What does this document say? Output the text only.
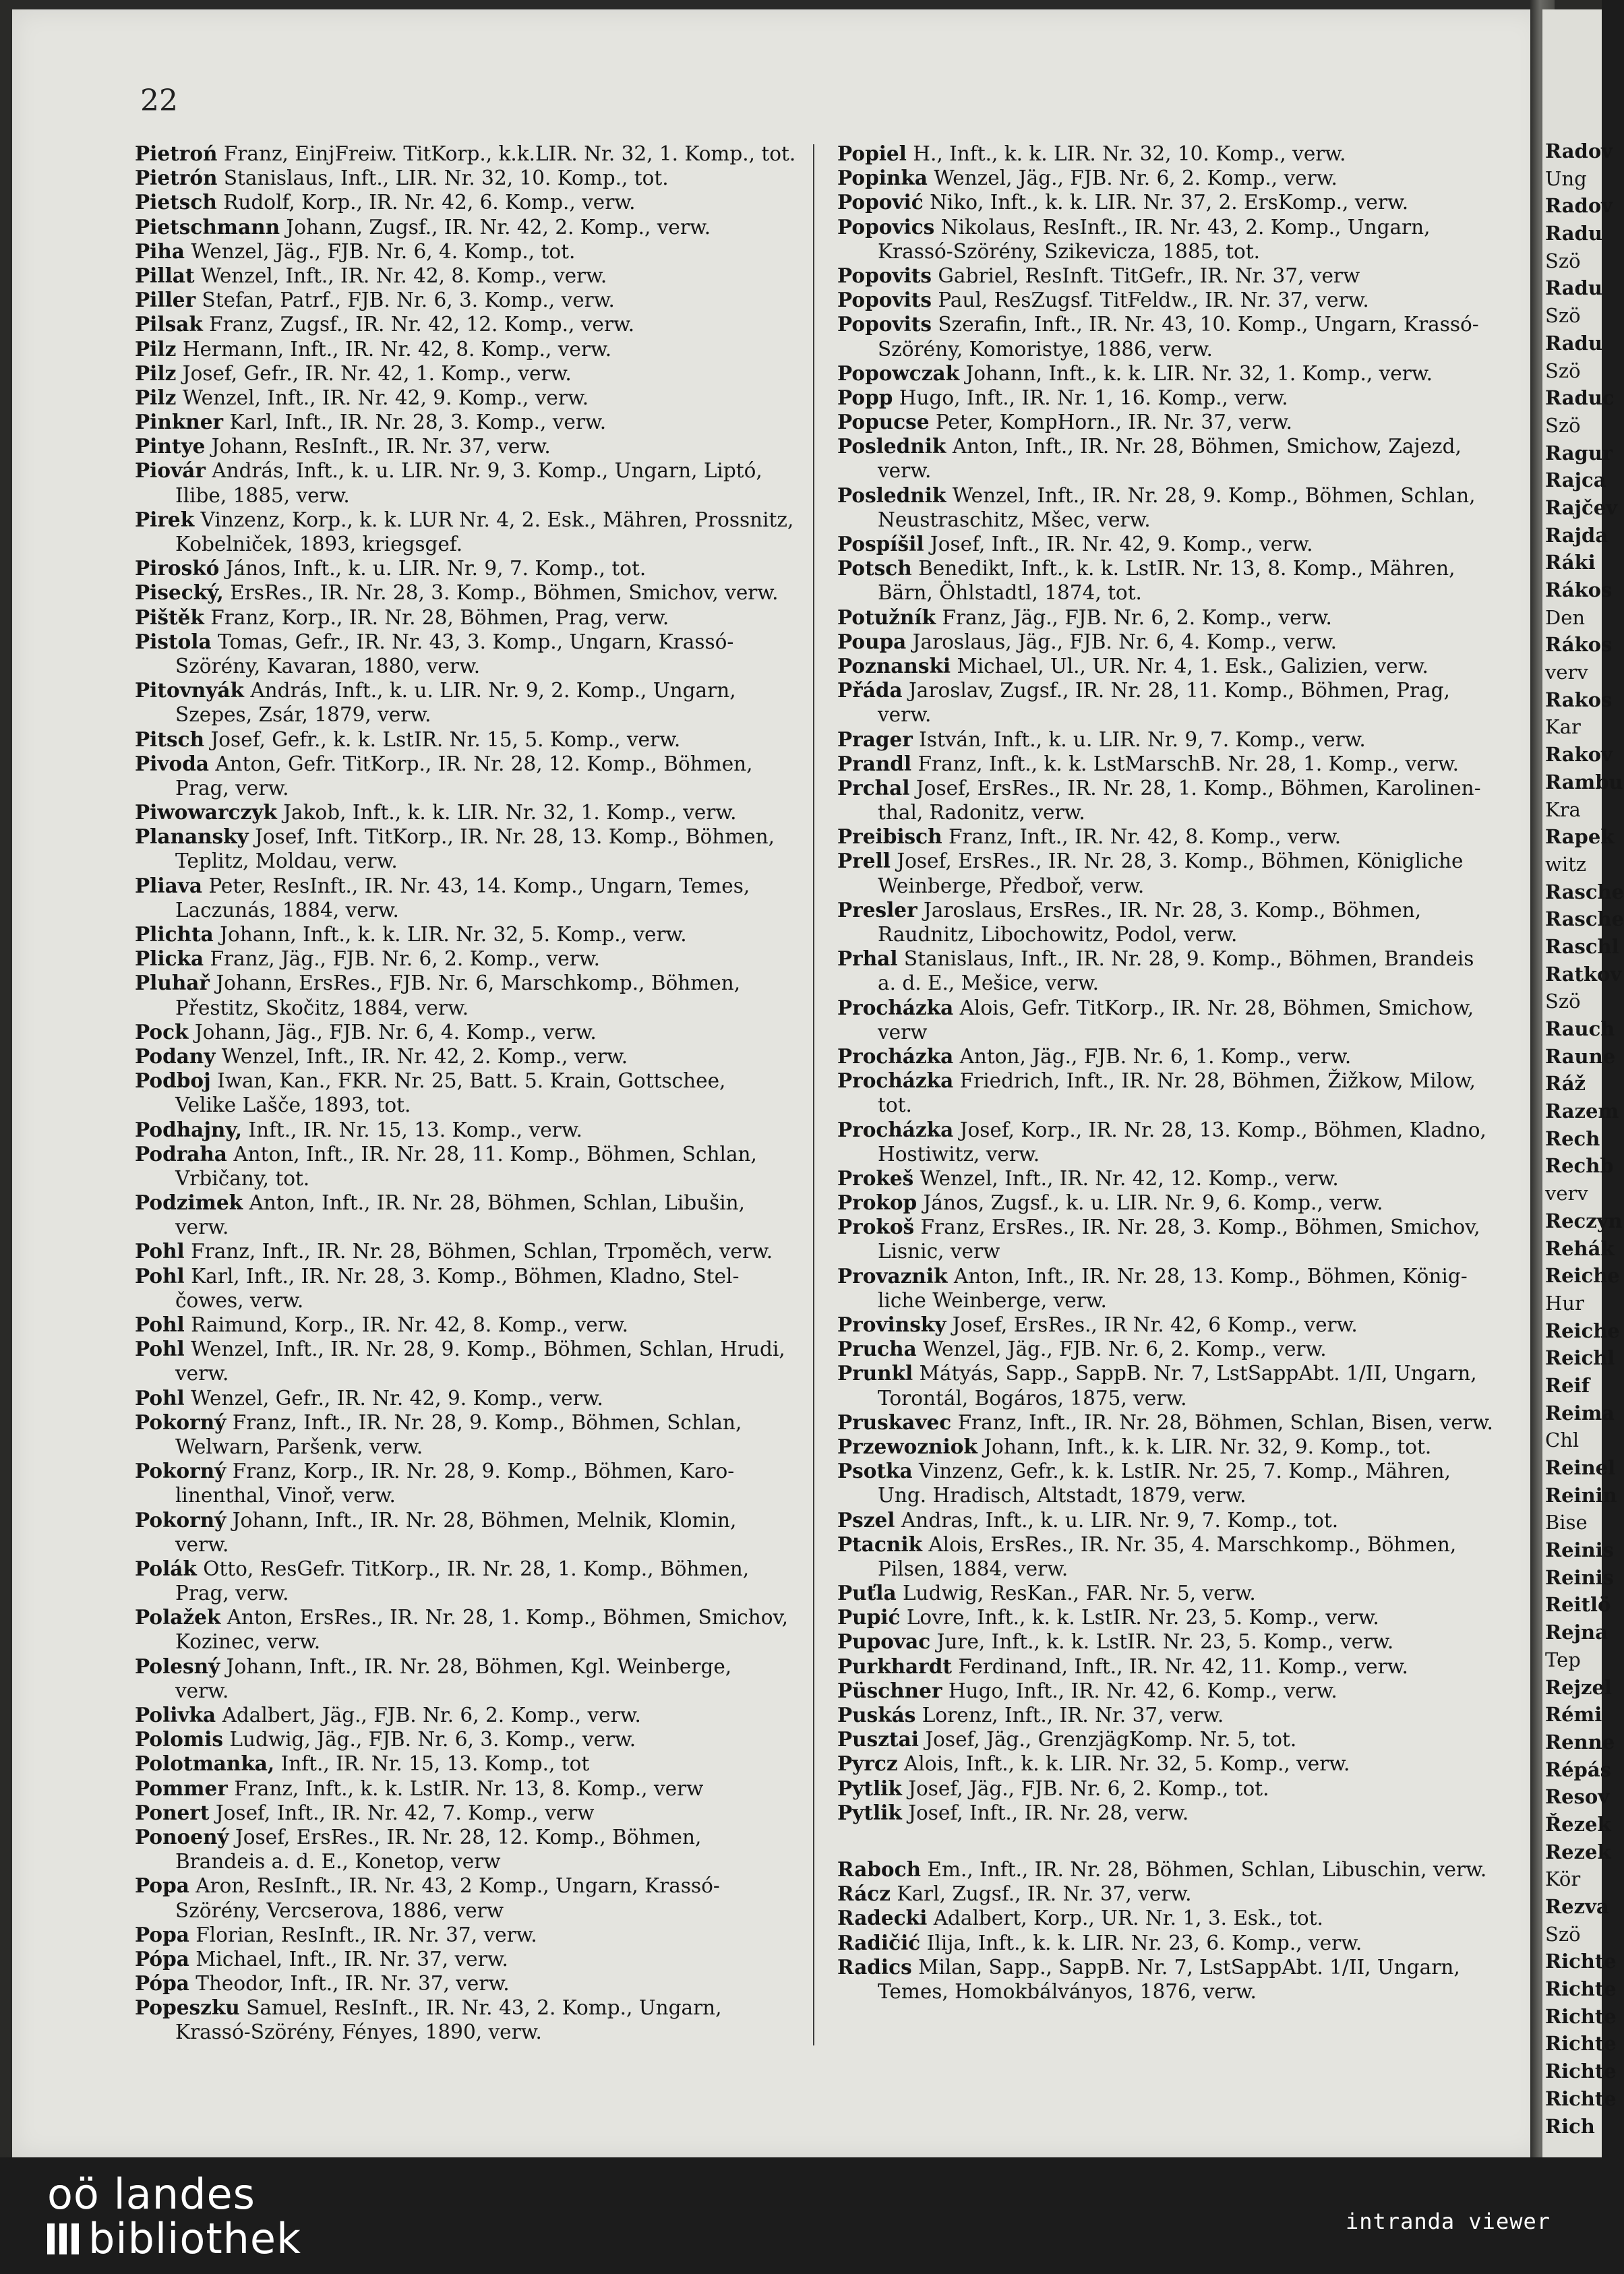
22
Pietroń Franz, EinjFreiw. TitKorp., k.k.LIR. Nr. 32, 1. Komp., tot.
Pietrón Stanislaus, Inft., LIR. Nr. 32, 10. Komp., tot.
Pietsch Rudolf, Korp., IR. Nr. 42, 6. Komp., verw.
Pietschmann Johann, Zugsf., IR. Nr. 42, 2. Komp., verw.
Piha Wenzel, Jäg., FJB. Nr. 6, 4. Komp., tot.
Pillat Wenzel, Inft., IR. Nr. 42, 8. Komp., verw.
Piller Stefan, Patrf., FJB. Nr. 6, 3. Komp., verw.
Pilsak Franz, Zugsf., IR. Nr. 42, 12. Komp., verw.
Pilz Hermann, Inft., IR. Nr. 42, 8. Komp., verw.
Pilz Josef, Gefr., IR. Nr. 42, 1. Komp., verw.
Pilz Wenzel, Inft., IR. Nr. 42, 9. Komp., verw.
Pinkner Karl, Inft., IR. Nr. 28, 3. Komp., verw.
Pintye Johann, ResInft., IR. Nr. 37, verw.
Piovár András, Inft., k. u. LIR. Nr. 9, 3. Komp., Ungarn, Liptó,
Ilibe, 1885, verw.
Pirek Vinzenz, Korp., k. k. LUR Nr. 4, 2. Esk., Mähren, Prossnitz,
Kobelniček, 1893, kriegsgef.
Piroskó János, Inft., k. u. LIR. Nr. 9, 7. Komp., tot.
Pisecký, ErsRes., IR. Nr. 28, 3. Komp., Böhmen, Smichov, verw.
Pištěk Franz, Korp., IR. Nr. 28, Böhmen, Prag, verw.
Pistola Tomas, Gefr., IR. Nr. 43, 3. Komp., Ungarn, Krassó-
Szörény, Kavaran, 1880, verw.
Pitovnyák András, Inft., k. u. LIR. Nr. 9, 2. Komp., Ungarn,
Szepes, Zsár, 1879, verw.
Pitsch Josef, Gefr., k. k. LstIR. Nr. 15, 5. Komp., verw.
Pivoda Anton, Gefr. TitKorp., IR. Nr. 28, 12. Komp., Böhmen,
Prag, verw.
Piwowarczyk Jakob, Inft., k. k. LIR. Nr. 32, 1. Komp., verw.
Planansky Josef, Inft. TitKorp., IR. Nr. 28, 13. Komp., Böhmen,
Teplitz, Moldau, verw.
Pliava Peter, ResInft., IR. Nr. 43, 14. Komp., Ungarn, Temes,
Laczunás, 1884, verw.
Plichta Johann, Inft., k. k. LIR. Nr. 32, 5. Komp., verw.
Plicka Franz, Jäg., FJB. Nr. 6, 2. Komp., verw.
Pluhař Johann, ErsRes., FJB. Nr. 6, Marschkomp., Böhmen,
Přestitz, Skočitz, 1884, verw.
Pock Johann, Jäg., FJB. Nr. 6, 4. Komp., verw.
Podany Wenzel, Inft., IR. Nr. 42, 2. Komp., verw.
Podboj Iwan, Kan., FKR. Nr. 25, Batt. 5. Krain, Gottschee,
Velike Lašče, 1893, tot.
Podhajny, Inft., IR. Nr. 15, 13. Komp., verw.
Podraha Anton, Inft., IR. Nr. 28, 11. Komp., Böhmen, Schlan,
Vrbičany, tot.
Podzimek Anton, Inft., IR. Nr. 28, Böhmen, Schlan, Libušin,
verw.
Pohl Franz, Inft., IR. Nr. 28, Böhmen, Schlan, Trpoměch, verw.
Pohl Karl, Inft., IR. Nr. 28, 3. Komp., Böhmen, Kladno, Stel-
čowes, verw.
Pohl Raimund, Korp., IR. Nr. 42, 8. Komp., verw.
Pohl Wenzel, Inft., IR. Nr. 28, 9. Komp., Böhmen, Schlan, Hrudi,
verw.
Pohl Wenzel, Gefr., IR. Nr. 42, 9. Komp., verw.
Pokorný Franz, Inft., IR. Nr. 28, 9. Komp., Böhmen, Schlan,
Welwarn, Paršenk, verw.
Pokorný Franz, Korp., IR. Nr. 28, 9. Komp., Böhmen, Karo-
linenthal, Vinoř, verw.
Pokorný Johann, Inft., IR. Nr. 28, Böhmen, Melnik, Klomin,
verw.
Polák Otto, ResGefr. TitKorp., IR. Nr. 28, 1. Komp., Böhmen,
Prag, verw.
Polažek Anton, ErsRes., IR. Nr. 28, 1. Komp., Böhmen, Smichov,
Kozinec, verw.
Polesný Johann, Inft., IR. Nr. 28, Böhmen, Kgl. Weinberge,
verw.
Polivka Adalbert, Jäg., FJB. Nr. 6, 2. Komp., verw.
Polomis Ludwig, Jäg., FJB. Nr. 6, 3. Komp., verw.
Polotmanka, Inft., IR. Nr. 15, 13. Komp., tot
Pommer Franz, Inft., k. k. LstIR. Nr. 13, 8. Komp., verw
Ponert Josef, Inft., IR. Nr. 42, 7. Komp., verw
Ponoený Josef, ErsRes., IR. Nr. 28, 12. Komp., Böhmen,
Brandeis a. d. E., Konetop, verw
Popa Aron, ResInft., IR. Nr. 43, 2 Komp., Ungarn, Krassó-
Szörény, Vercserova, 1886, verw
Popa Florian, ResInft., IR. Nr. 37, verw.
Pópa Michael, Inft., IR. Nr. 37, verw.
Pópa Theodor, Inft., IR. Nr. 37, verw.
Popeszku Samuel, ResInft., IR. Nr. 43, 2. Komp., Ungarn,
Krassó-Szörény, Fényes, 1890, verw.
Popiel H., Inft., k. k. LIR. Nr. 32, 10. Komp., verw.
Popinka Wenzel, Jäg., FJB. Nr. 6, 2. Komp., verw.
Popović Niko, Inft., k. k. LIR. Nr. 37, 2. ErsKomp., verw.
Popovics Nikolaus, ResInft., IR. Nr. 43, 2. Komp., Ungarn,
Krassó-Szörény, Szikevicza, 1885, tot.
Popovits Gabriel, ResInft. TitGefr., IR. Nr. 37, verw
Popovits Paul, ResZugsf. TitFeldw., IR. Nr. 37, verw.
Popovits Szerafin, Inft., IR. Nr. 43, 10. Komp., Ungarn, Krassó-
Szörény, Komoristye, 1886, verw.
Popowczak Johann, Inft., k. k. LIR. Nr. 32, 1. Komp., verw.
Popp Hugo, Inft., IR. Nr. 1, 16. Komp., verw.
Popucse Peter, KompHorn., IR. Nr. 37, verw.
Poslednik Anton, Inft., IR. Nr. 28, Böhmen, Smichow, Zajezd,
verw.
Poslednik Wenzel, Inft., IR. Nr. 28, 9. Komp., Böhmen, Schlan,
Neustraschitz, Mšec, verw.
Pospíšil Josef, Inft., IR. Nr. 42, 9. Komp., verw.
Potsch Benedikt, Inft., k. k. LstIR. Nr. 13, 8. Komp., Mähren,
Bärn, Öhlstadtl, 1874, tot.
Potužník Franz, Jäg., FJB. Nr. 6, 2. Komp., verw.
Poupa Jaroslaus, Jäg., FJB. Nr. 6, 4. Komp., verw.
Poznanski Michael, Ul., UR. Nr. 4, 1. Esk., Galizien, verw.
Přáda Jaroslav, Zugsf., IR. Nr. 28, 11. Komp., Böhmen, Prag,
verw.
Prager István, Inft., k. u. LIR. Nr. 9, 7. Komp., verw.
Prandl Franz, Inft., k. k. LstMarschB. Nr. 28, 1. Komp., verw.
Prchal Josef, ErsRes., IR. Nr. 28, 1. Komp., Böhmen, Karolinen-
thal, Radonitz, verw.
Preibisch Franz, Inft., IR. Nr. 42, 8. Komp., verw.
Prell Josef, ErsRes., IR. Nr. 28, 3. Komp., Böhmen, Königliche
Weinberge, Předboř, verw.
Presler Jaroslaus, ErsRes., IR. Nr. 28, 3. Komp., Böhmen,
Raudnitz, Libochowitz, Podol, verw.
Prhal Stanislaus, Inft., IR. Nr. 28, 9. Komp., Böhmen, Brandeis
a. d. E., Mešice, verw.
Procházka Alois, Gefr. TitKorp., IR. Nr. 28, Böhmen, Smichow,
verw
Procházka Anton, Jäg., FJB. Nr. 6, 1. Komp., verw.
Procházka Friedrich, Inft., IR. Nr. 28, Böhmen, Žižkow, Milow,
tot.
Procházka Josef, Korp., IR. Nr. 28, 13. Komp., Böhmen, Kladno,
Hostiwitz, verw.
Prokeš Wenzel, Inft., IR. Nr. 42, 12. Komp., verw.
Prokop János, Zugsf., k. u. LIR. Nr. 9, 6. Komp., verw.
Prokoš Franz, ErsRes., IR. Nr. 28, 3. Komp., Böhmen, Smichov,
Lisnic, verw
Provaznik Anton, Inft., IR. Nr. 28, 13. Komp., Böhmen, König-
liche Weinberge, verw.
Provinsky Josef, ErsRes., IR Nr. 42, 6 Komp., verw.
Prucha Wenzel, Jäg., FJB. Nr. 6, 2. Komp., verw.
Prunkl Mátyás, Sapp., SappB. Nr. 7, LstSappAbt. 1/II, Ungarn,
Torontál, Bogáros, 1875, verw.
Pruskavec Franz, Inft., IR. Nr. 28, Böhmen, Schlan, Bisen, verw.
Przewozniok Johann, Inft., k. k. LIR. Nr. 32, 9. Komp., tot.
Psotka Vinzenz, Gefr., k. k. LstIR. Nr. 25, 7. Komp., Mähren,
Ung. Hradisch, Altstadt, 1879, verw.
Pszel Andras, Inft., k. u. LIR. Nr. 9, 7. Komp., tot.
Ptacnik Alois, ErsRes., IR. Nr. 35, 4. Marschkomp., Böhmen,
Pilsen, 1884, verw.
Puťla Ludwig, ResKan., FAR. Nr. 5, verw.
Pupić Lovre, Inft., k. k. LstIR. Nr. 23, 5. Komp., verw.
Pupovac Jure, Inft., k. k. LstIR. Nr. 23, 5. Komp., verw.
Purkhardt Ferdinand, Inft., IR. Nr. 42, 11. Komp., verw.
Püschner Hugo, Inft., IR. Nr. 42, 6. Komp., verw.
Puskás Lorenz, Inft., IR. Nr. 37, verw.
Pusztai Josef, Jäg., GrenzjägKomp. Nr. 5, tot.
Pyrcz Alois, Inft., k. k. LIR. Nr. 32, 5. Komp., verw.
Pytlik Josef, Jäg., FJB. Nr. 6, 2. Komp., tot.
Pytlik Josef, Inft., IR. Nr. 28, verw.
Raboch Em., Inft., IR. Nr. 28, Böhmen, Schlan, Libuschin, verw.
Rácz Karl, Zugsf., IR. Nr. 37, verw.
Radecki Adalbert, Korp., UR. Nr. 1, 3. Esk., tot.
Radičić Ilija, Inft., k. k. LIR. Nr. 23, 6. Komp., verw.
Radics Milan, Sapp., SappB. Nr. 7, LstSappAbt. 1/II, Ungarn,
Temes, Homokbálványos, 1876, verw.
Radov
Ung
Radov
Radu
Szö
Radu
Szö
Radu
Szö
Raduc
Szö
Ragur
Rajca
Rajčev
Rajda
Ráki
Rákos
Den
Rákos
verv
Rakos
Kar
Rakov
Rambu
Kra
Rapek
witz
Rasche
Rasche
Raschl
Ratkov
Szö
Rauch
Raune
Ráž
Razem
Rech
Rechb
verv
Reczyn
Rehák
Reiche
Hur
Reiche
Reichl
Reif
Reima
Chl
Reinel
Reinin
Bise
Reinis
Reinis
Reitlö
Rejna
Tep
Rejzel
Rémi
Renne
Répás
Resov
Řezek
Rezek
Kör
Rezva
Szö
Richte
Richte
Richte
Richte
Richte
Richte
Rich
oö landes
bibliothek	intranda viewer
